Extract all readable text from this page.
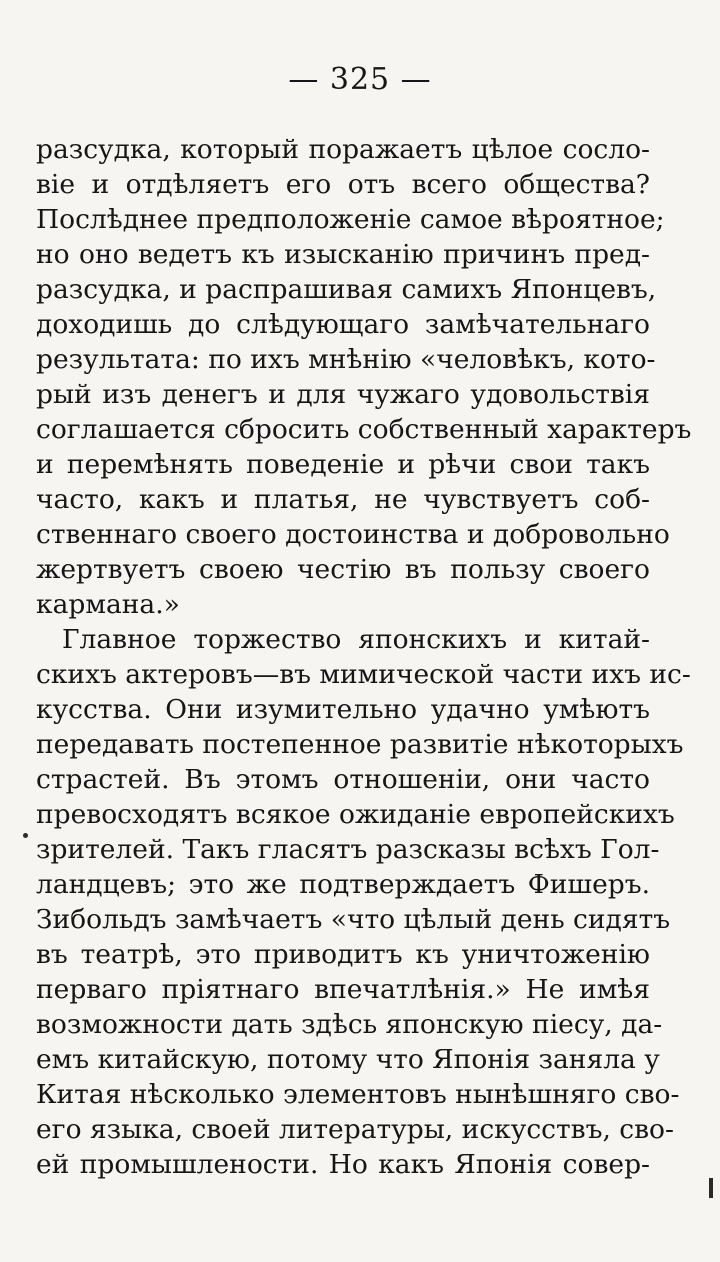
— 325 —
разсудка, который поражаетъ цѣлое сосло-
віе и отдѣляетъ его отъ всего общества?
Послѣднее предположеніе самое вѣроятное;
но оно ведетъ къ изысканію причинъ пред-
разсудка, и распрашивая самихъ Японцевъ,
доходишь до слѣдующаго замѣчательнаго
результата: по ихъ мнѣнію «человѣкъ, кото-
рый изъ денегъ и для чужаго удовольствія
соглашается сбросить собственный характеръ
и перемѣнять поведеніе и рѣчи свои такъ
часто, какъ и платья, не чувствуетъ соб-
ственнаго своего достоинства и добровольно
жертвуетъ своею честію въ пользу своего
кармана.»
Главное торжество японскихъ и китай-
скихъ актеровъ—въ мимической части ихъ ис-
кусства. Они изумительно удачно умѣютъ
передавать постепенное развитіе нѣкоторыхъ
страстей. Въ этомъ отношеніи, они часто
превосходятъ всякое ожиданіе европейскихъ
зрителей. Такъ гласятъ разсказы всѣхъ Гол-
ландцевъ; это же подтверждаетъ Фишеръ.
Зибольдъ замѣчаетъ «что цѣлый день сидятъ
въ театрѣ, это приводитъ къ уничтоженію
перваго пріятнаго впечатлѣнія.» Не имѣя
возможности дать здѣсь японскую піесу, да-
емъ китайскую, потому что Японія заняла у
Китая нѣсколько элементовъ нынѣшняго сво-
его языка, своей литературы, искусствъ, сво-
ей промышлености. Но какъ Японія совер-
